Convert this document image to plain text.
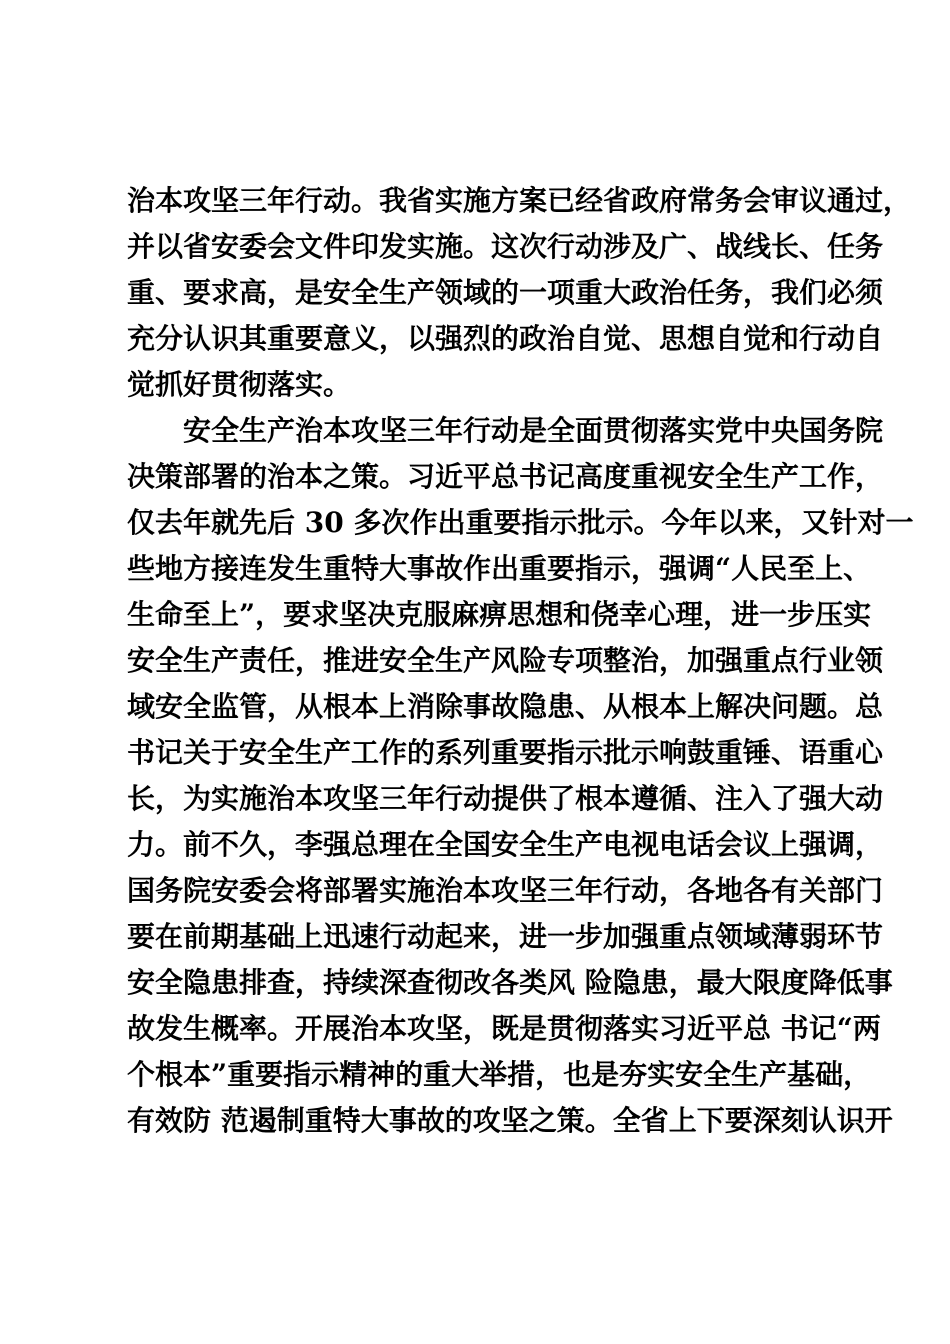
治本攻坚三年行动。我省实施方案已经省政府常务会审议通过，
并以省安委会文件印发实施。这次行动涉及广、战线长、任务
重、要求高，是安全生产领域的一项重大政治任务，我们必须
充分认识其重要意义，以强烈的政治自觉、思想自觉和行动自
觉抓好贯彻落实。
安全生产治本攻坚三年行动是全面贯彻落实党中央国务院
决策部署的治本之策。习近平总书记高度重视安全生产工作，
仅去年就先后 30 多次作出重要指示批示。今年以来，又针对一
些地方接连发生重特大事故作出重要指示，强调“人民至上、
生命至上”，要求坚决克服麻痹思想和侥幸心理，进一步压实
安全生产责任，推进安全生产风险专项整治，加强重点行业领
域安全监管，从根本上消除事故隐患、从根本上解决问题。总
书记关于安全生产工作的系列重要指示批示响鼓重锤、语重心
长，为实施治本攻坚三年行动提供了根本遵循、注入了强大动
力。前不久，李强总理在全国安全生产电视电话会议上强调，
国务院安委会将部署实施治本攻坚三年行动，各地各有关部门
要在前期基础上迅速行动起来，进一步加强重点领域薄弱环节
安全隐患排查，持续深查彻改各类风 险隐患，最大限度降低事
故发生概率。开展治本攻坚，既是贯彻落实习近平总 书记“两
个根本”重要指示精神的重大举措，也是夯实安全生产基础，
有效防 范遏制重特大事故的攻坚之策。全省上下要深刻认识开
